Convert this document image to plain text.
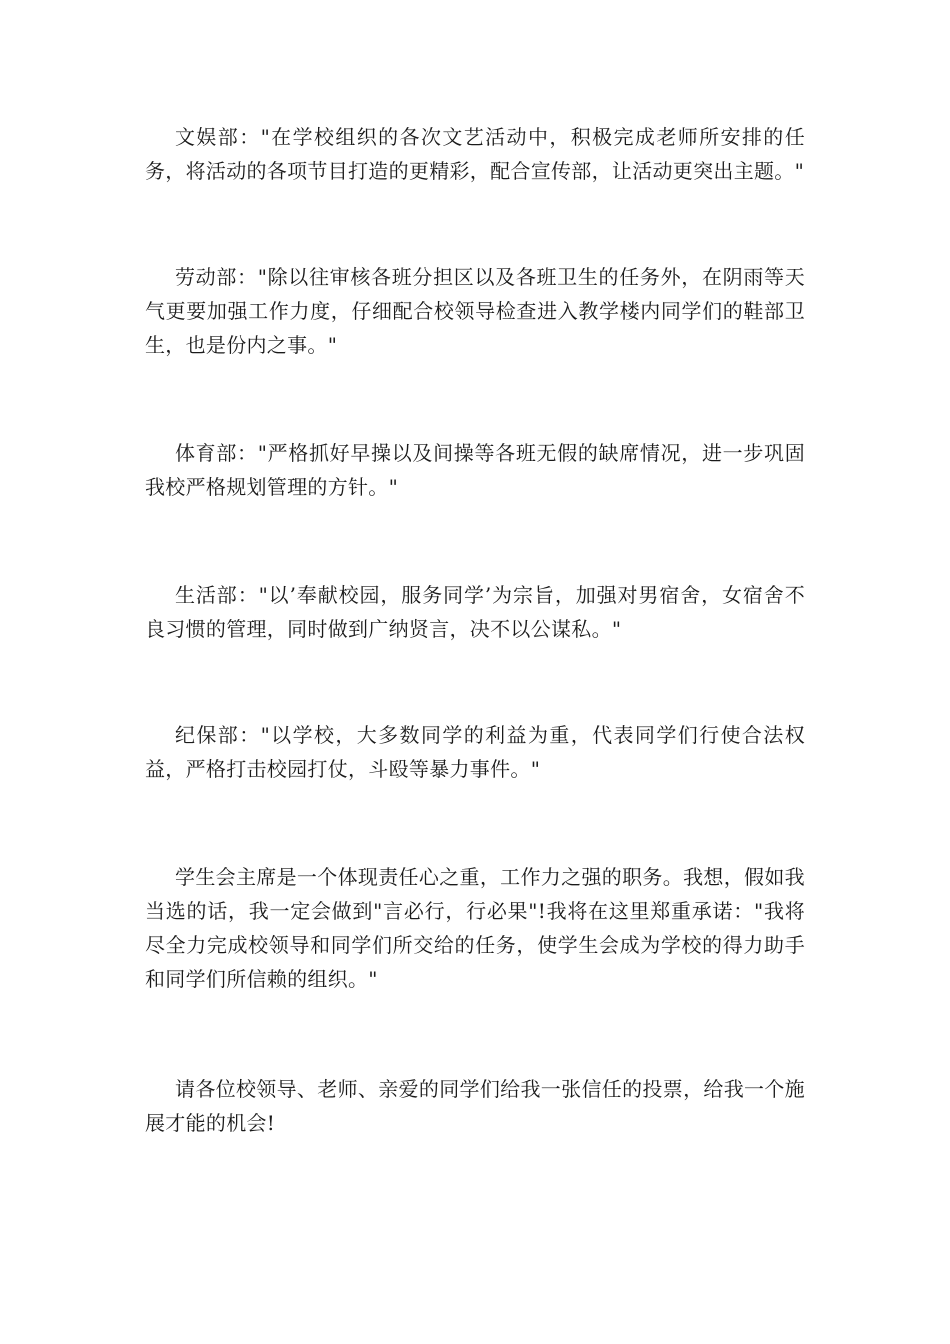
文娱部："在学校组织的各次文艺活动中，积极完成老师所安排的任务，将活动的各项节目打造的更精彩，配合宣传部，让活动更突出主题。"

劳动部："除以往审核各班分担区以及各班卫生的任务外，在阴雨等天气更要加强工作力度，仔细配合校领导检查进入教学楼内同学们的鞋部卫生，也是份内之事。"

体育部："严格抓好早操以及间操等各班无假的缺席情况，进一步巩固我校严格规划管理的方针。"

生活部："以’奉献校园，服务同学’为宗旨，加强对男宿舍，女宿舍不良习惯的管理，同时做到广纳贤言，决不以公谋私。"

纪保部："以学校，大多数同学的利益为重，代表同学们行使合法权益，严格打击校园打仗，斗殴等暴力事件。"

学生会主席是一个体现责任心之重，工作力之强的职务。我想，假如我当选的话，我一定会做到"言必行，行必果"!我将在这里郑重承诺："我将尽全力完成校领导和同学们所交给的任务，使学生会成为学校的得力助手和同学们所信赖的组织。"

请各位校领导、老师、亲爱的同学们给我一张信任的投票，给我一个施展才能的机会!
